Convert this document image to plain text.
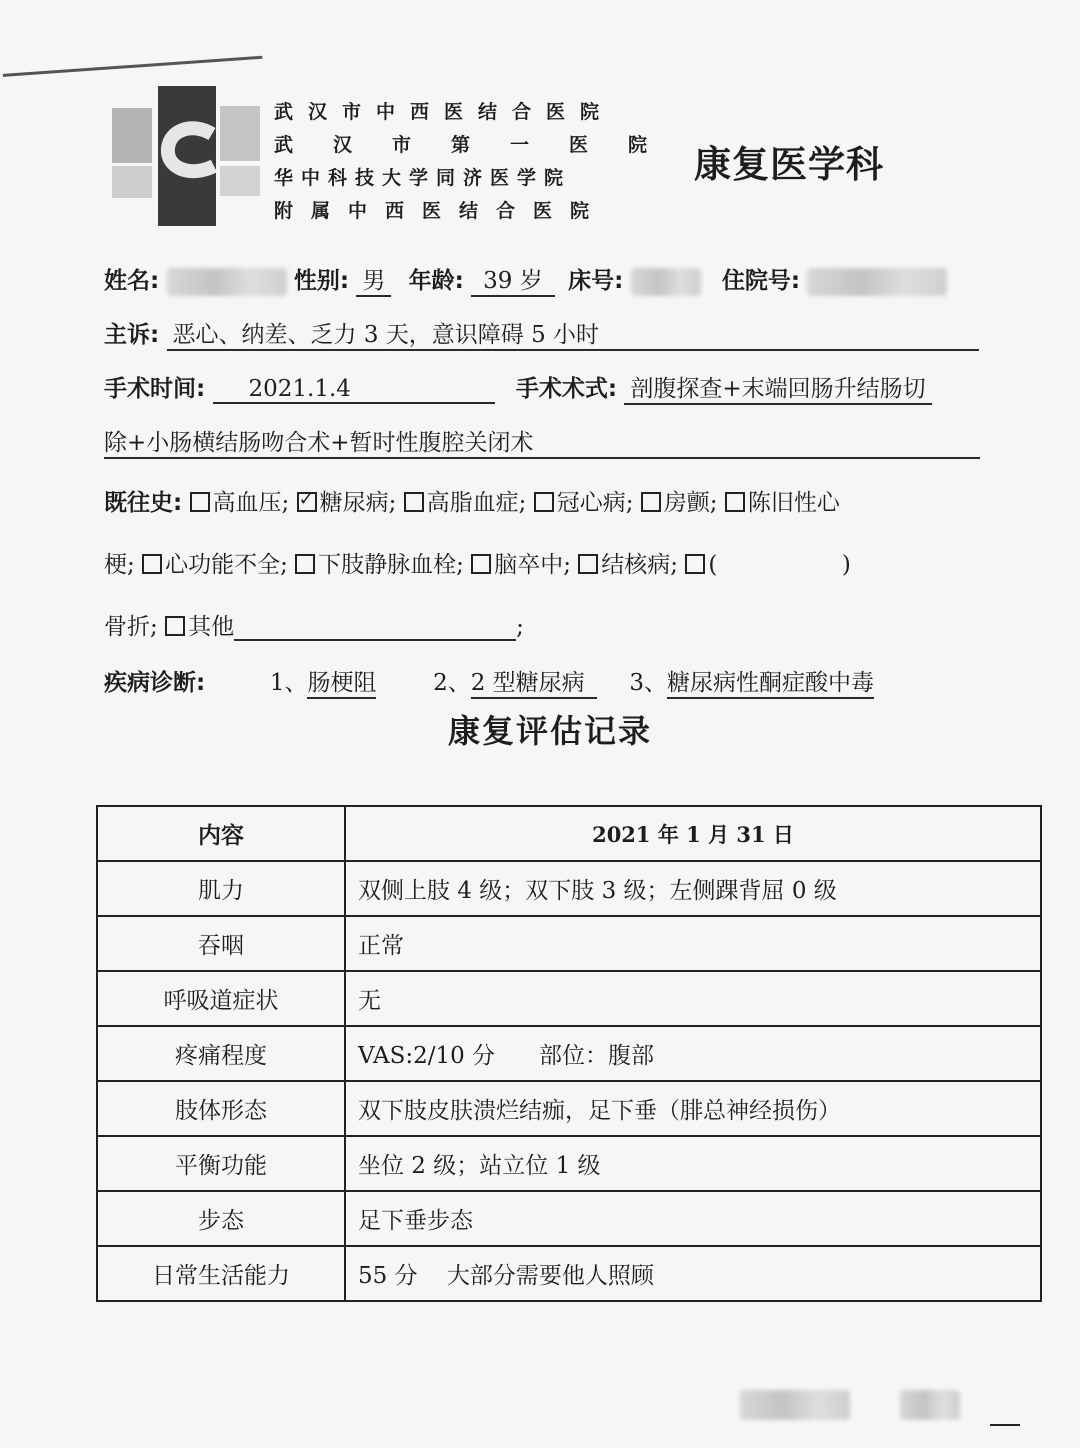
武汉市中西医结合医院
武汉市第一医院
华中科技大学同济医学院
附属中西医结合医院
康复医学科
姓名:	性别: 男 年龄: 39 岁 床号:	住院号:
主诉: 恶心、纳差、乏力 3 天，意识障碍 5 小时
手术时间: 2021.1.4	手术术式: 剖腹探查+末端回肠升结肠切
除+小肠横结肠吻合术+暂时性腹腔关闭术
既往史: 高血压; ✓ 糖尿病; 高脂血症; 冠心病; 房颤; 陈旧性心
梗; 心功能不全; 下肢静脉血栓; 脑卒中; 结核病; (	)
骨折; 其他	;
疾病诊断:	1、肠梗阻 2、2 型糖尿病 3、糖尿病性酮症酸中毒
康复评估记录
内容	2021 年 1 月 31 日
肌力	双侧上肢 4 级；双下肢 3 级；左侧踝背屈 0 级
吞咽	正常
呼吸道症状	无
疼痛程度	VAS:2/10 分      部位：腹部
肢体形态	双下肢皮肤溃烂结痂，足下垂（腓总神经损伤）
平衡功能	坐位 2 级；站立位 1 级
步态	足下垂步态
日常生活能力	55 分    大部分需要他人照顾
